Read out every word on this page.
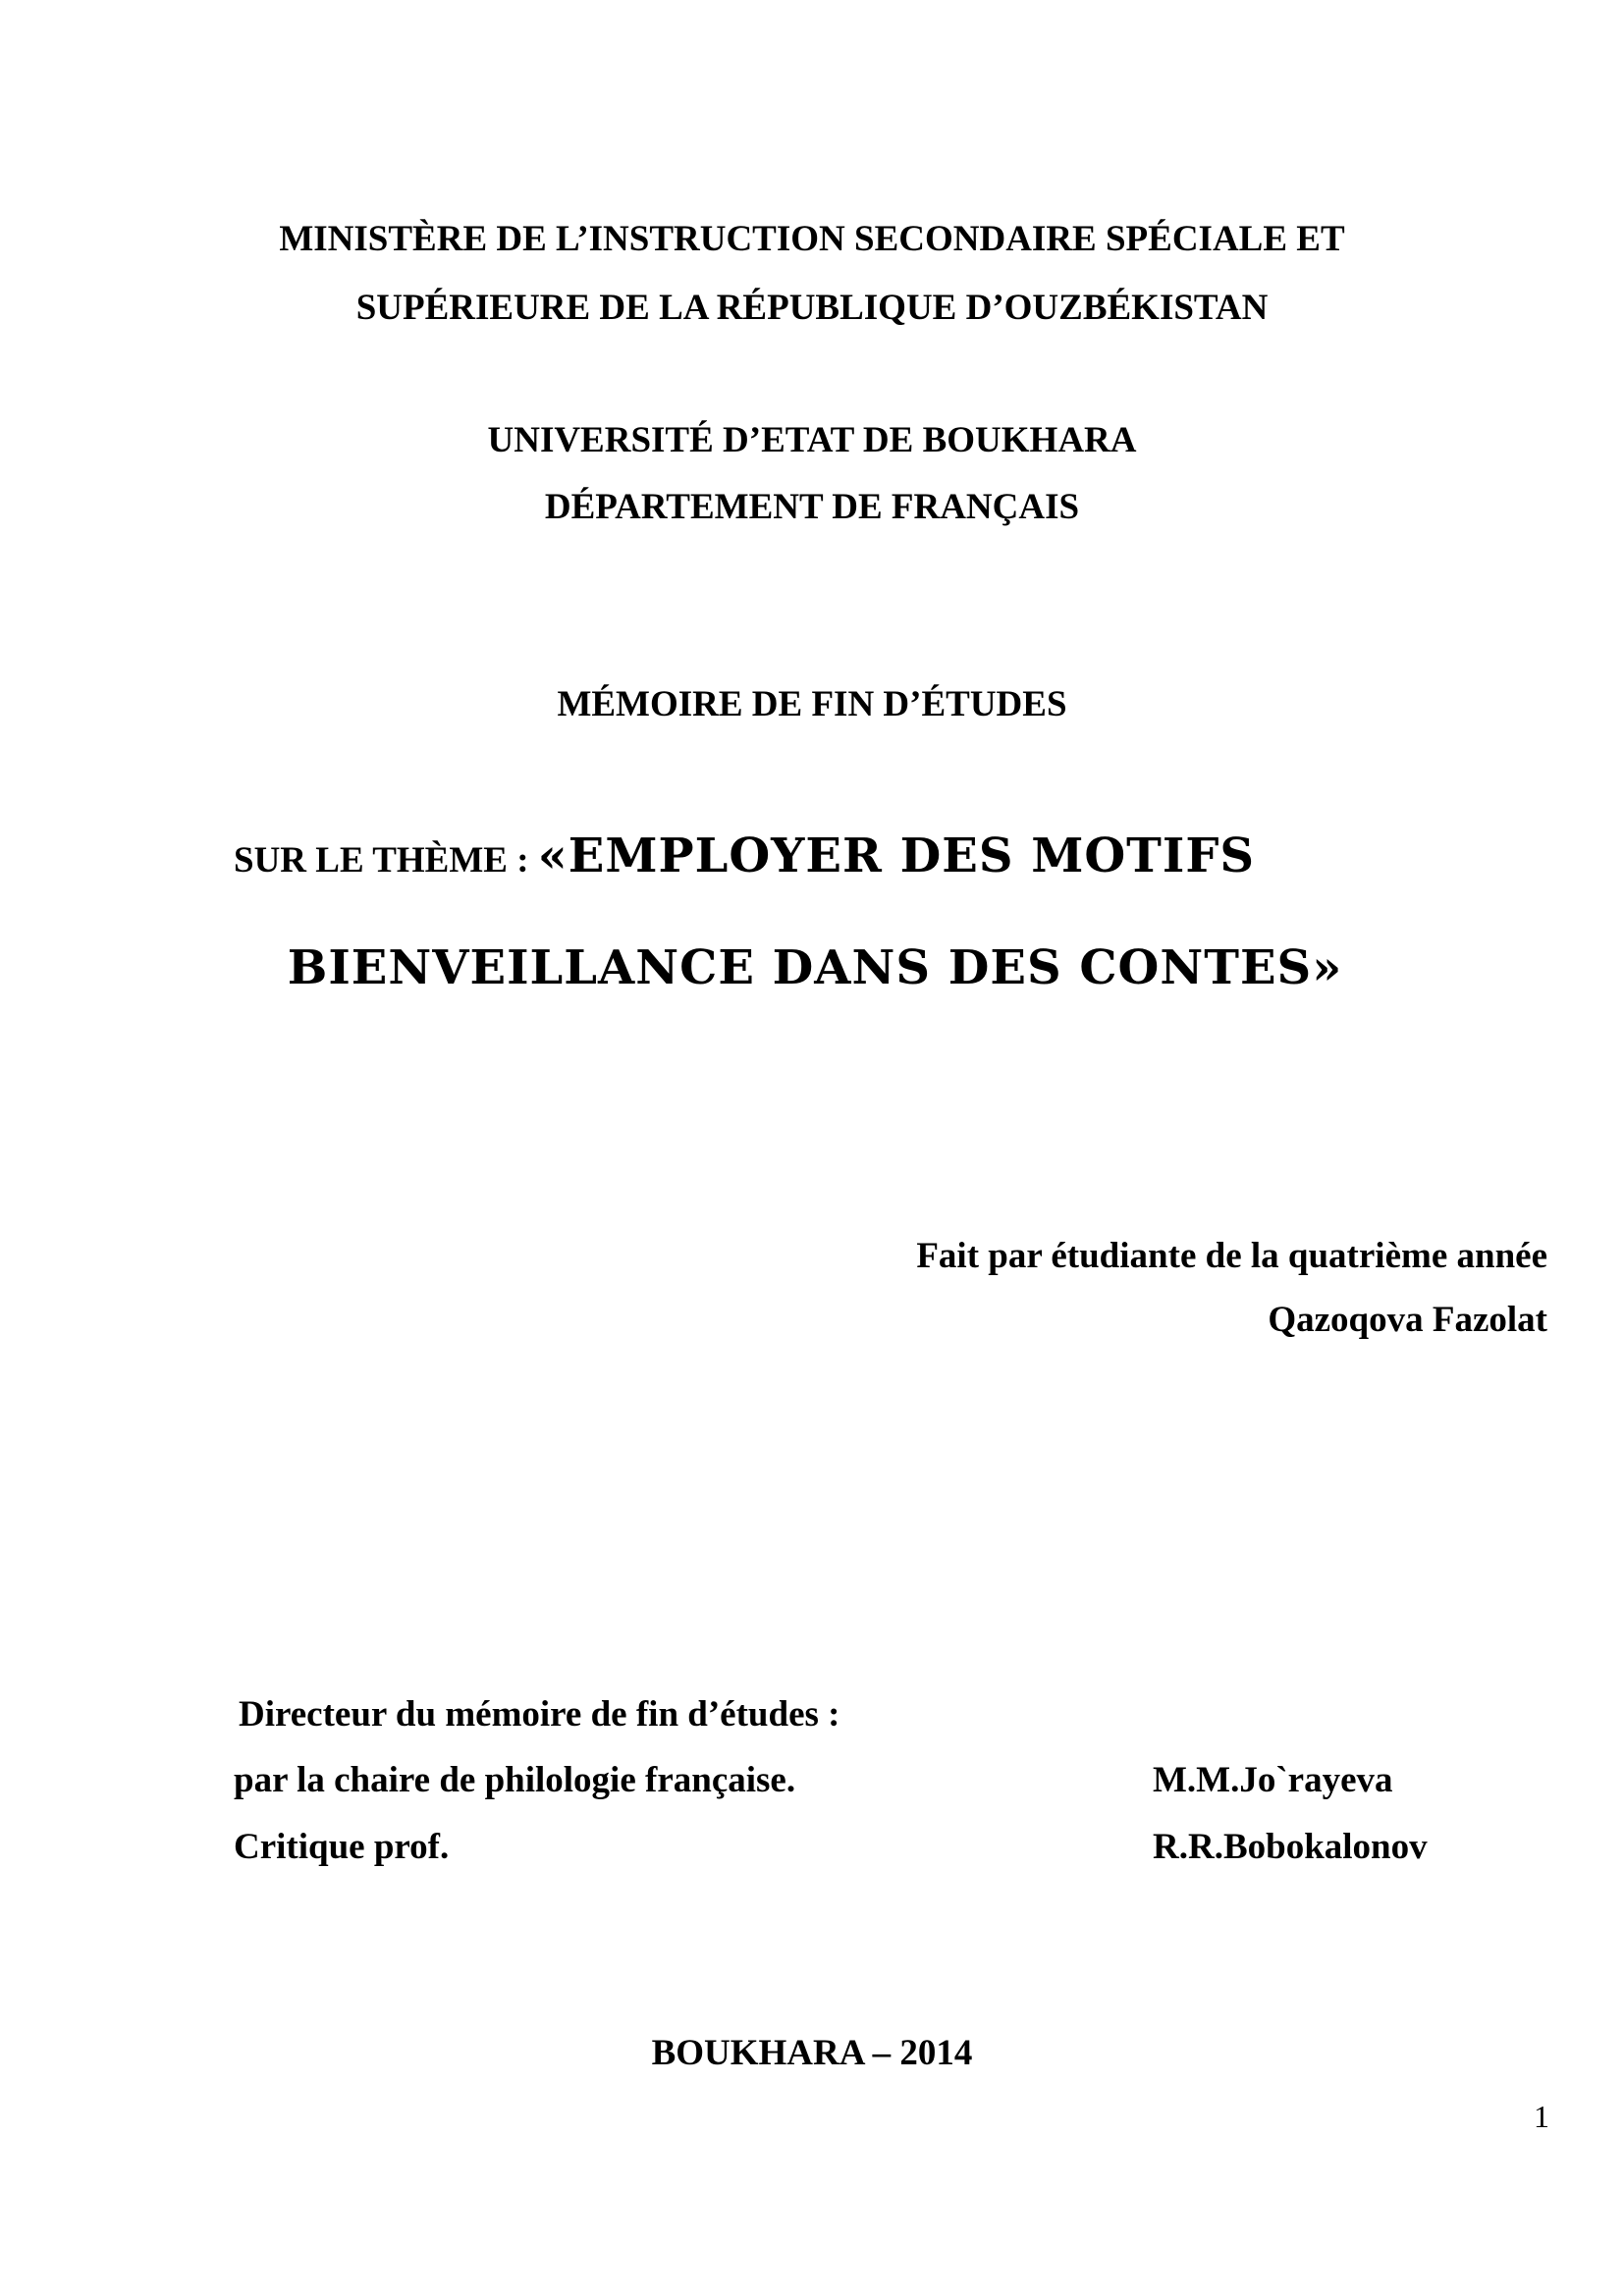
MINISTÈRE DE L’INSTRUCTION SECONDAIRE SPÉCIALE ET
SUPÉRIEURE DE LA RÉPUBLIQUE D’OUZBÉKISTAN
UNIVERSITÉ D’ETAT DE BOUKHARA
DÉPARTEMENT DE FRANÇAIS
MÉMOIRE DE FIN D’ÉTUDES
SUR LE THÈME : «EMPLOYER DES MOTIFS
BIENVEILLANCE DANS DES CONTES»
Fait par étudiante de la quatrième année
Qazoqova Fazolat
Directeur du mémoire de fin d’études :
par la chaire de philologie française.	M.M.Jo`rayeva
Critique prof.	R.R.Bobokalonov
BOUKHARA – 2014
1
